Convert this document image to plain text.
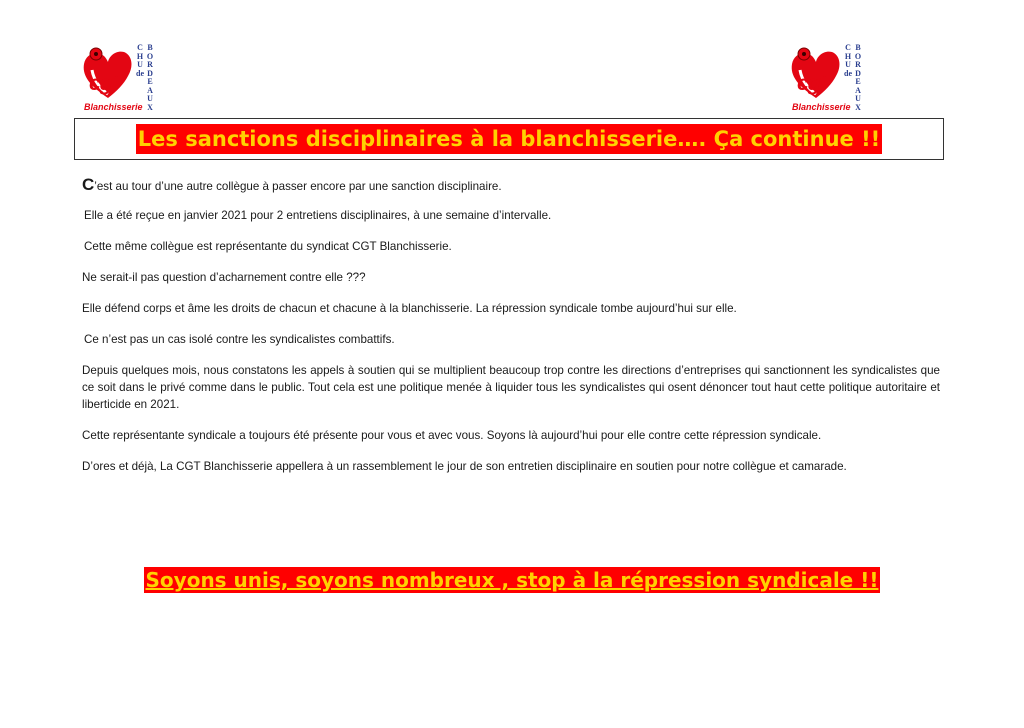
cgt
Blanchisserie
CHU de
BORDEAUX
cgt
Blanchisserie
CHU de
BORDEAUX
Les sanctions disciplinaires à la blanchisserie…. Ça continue !!

C’est au tour d’une autre collègue à passer encore par une sanction disciplinaire.

Elle a été reçue en janvier 2021 pour 2 entretiens disciplinaires, à une semaine d’intervalle.

Cette même collègue est représentante du syndicat CGT Blanchisserie.

Ne serait-il pas question d’acharnement contre elle ???

Elle défend corps et âme les droits de chacun et chacune à la blanchisserie. La répression syndicale tombe aujourd’hui sur elle.

Ce n’est pas un cas isolé contre les syndicalistes combattifs.

Depuis quelques mois, nous constatons les appels à soutien qui se multiplient beaucoup trop contre les directions d’entreprises qui sanctionnent les syndicalistes que ce soit dans le privé comme dans le public. Tout cela est une politique menée à liquider tous les syndicalistes qui osent dénoncer tout haut cette politique autoritaire et liberticide en 2021.

Cette représentante syndicale a toujours été présente pour vous et avec vous. Soyons là aujourd’hui pour elle contre cette répression syndicale.

D’ores et déjà, La CGT Blanchisserie appellera à un rassemblement le jour de son entretien disciplinaire en soutien pour notre collègue et camarade.

Soyons unis, soyons nombreux , stop à la répression syndicale !!
